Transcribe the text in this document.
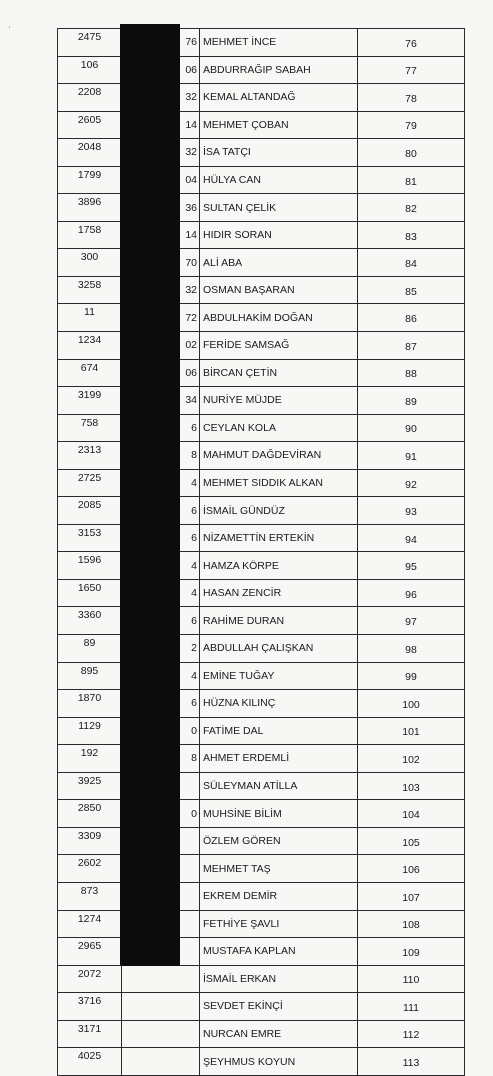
ˌ
2475	76	MEHMET İNCE	76
106	06	ABDURRAĞIP SABAH	77
2208	32	KEMAL ALTANDAĞ	78
2605	14	MEHMET ÇOBAN	79
2048	32	İSA TATÇI	80
1799	04	HÜLYA CAN	81
3896	36	SULTAN ÇELİK	82
1758	14	HIDIR SORAN	83
300	70	ALİ ABA	84
3258	32	OSMAN BAŞARAN	85
11	72	ABDULHAKİM DOĞAN	86
1234	02	FERİDE SAMSAĞ	87
674	06	BİRCAN ÇETİN	88
3199	34	NURİYE MÜJDE	89
758	6	CEYLAN KOLA	90
2313	8	MAHMUT DAĞDEVİRAN	91
2725	4	MEHMET SIDDIK ALKAN	92
2085	6	İSMAİL GÜNDÜZ	93
3153	6	NİZAMETTİN ERTEKİN	94
1596	4	HAMZA KÖRPE	95
1650	4	HASAN ZENCİR	96
3360	6	RAHİME DURAN	97
89	2	ABDULLAH ÇALIŞKAN	98
895	4	EMİNE TUĞAY	99
1870	6	HÜZNA KILINÇ	100
1129	0	FATİME DAL	101
192	8	AHMET ERDEMLİ	102
3925		SÜLEYMAN ATİLLA	103
2850	0	MUHSİNE BİLİM	104
3309		ÖZLEM GÖREN	105
2602		MEHMET TAŞ	106
873		EKREM DEMİR	107
1274		FETHİYE ŞAVLI	108
2965		MUSTAFA KAPLAN	109
2072		İSMAİL ERKAN	110
3716		SEVDET EKİNÇİ	111
3171		NURCAN EMRE	112
4025		ŞEYHMUS KOYUN	113
